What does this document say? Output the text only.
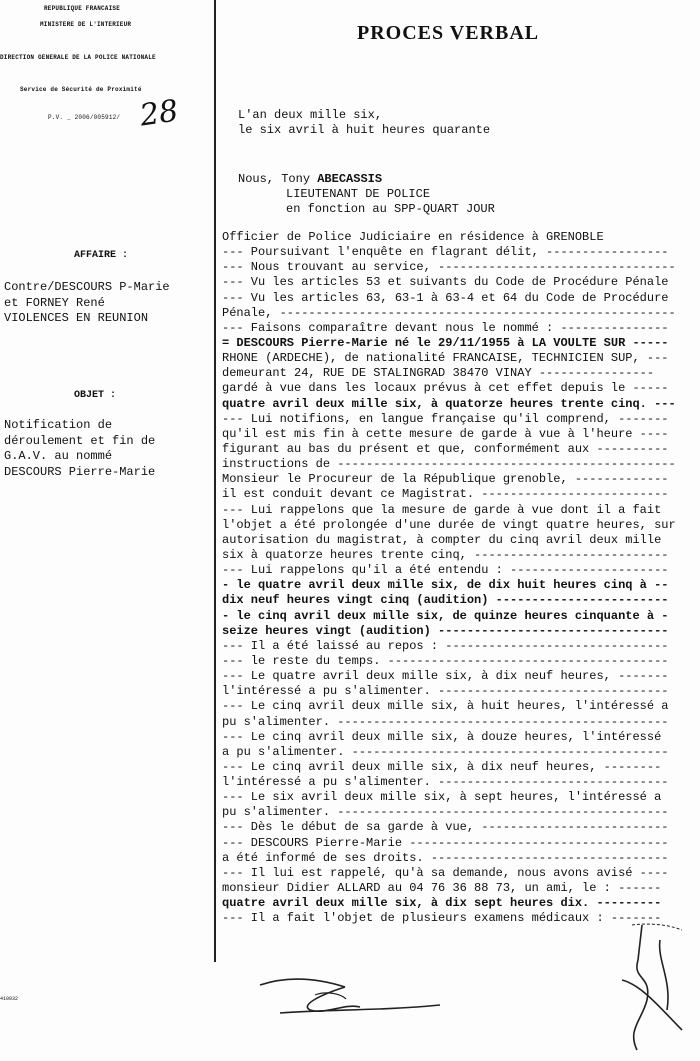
REPUBLIQUE FRANCAISE
MINISTERE DE L'INTERIEUR
DIRECTION GENERALE DE LA POLICE NATIONALE
Service de Sécurité de Proximité
P.V. _ 2006/005912/ 28
PROCES VERBAL
AFFAIRE :
Contre/DESCOURS P-Marie
et FORNEY René
VIOLENCES EN REUNION
OBJET :
Notification de
déroulement et fin de
G.A.V. au nommé
DESCOURS Pierre-Marie
L'an deux mille six,
le six avril à huit heures quarante
Nous, Tony ABECASSIS
LIEUTENANT DE POLICE
en fonction au SPP-QUART JOUR
Officier de Police Judiciaire en résidence à GRENOBLE
--- Poursuivant l'enquête en flagrant délit, -----------------
--- Nous trouvant au service, ---------------------------------
--- Vu les articles 53 et suivants du Code de Procédure Pénale
--- Vu les articles 63, 63-1 à 63-4 et 64 du Code de Procédure
Pénale, -------------------------------------------------------
--- Faisons comparaître devant nous le nommé : ---------------
= DESCOURS Pierre-Marie né le 29/11/1955 à LA VOULTE SUR -----
RHONE (ARDECHE), de nationalité FRANCAISE, TECHNICIEN SUP, ---
demeurant 24, RUE DE STALINGRAD 38470 VINAY ----------------
gardé à vue dans les locaux prévus à cet effet depuis le -----
quatre avril deux mille six, à quatorze heures trente cinq. ---
--- Lui notifions, en langue française qu'il comprend, -------
qu'il est mis fin à cette mesure de garde à vue à l'heure ----
figurant au bas du présent et que, conformément aux ----------
instructions de -----------------------------------------------
Monsieur le Procureur de la République grenoble, -------------
il est conduit devant ce Magistrat. --------------------------
--- Lui rappelons que la mesure de garde à vue dont il a fait
l'objet a été prolongée d'une durée de vingt quatre heures, sur
autorisation du magistrat, à compter du cinq avril deux mille
six à quatorze heures trente cinq, ---------------------------
--- Lui rappelons qu'il a été entendu : ----------------------
- le quatre avril deux mille six, de dix huit heures cinq à --
dix neuf heures vingt cinq (audition) ------------------------
- le cinq avril deux mille six, de quinze heures cinquante à -
seize heures vingt (audition) --------------------------------
--- Il a été laissé au repos : -------------------------------
--- le reste du temps. ---------------------------------------
--- Le quatre avril deux mille six, à dix neuf heures, -------
l'intéressé a pu s'alimenter. --------------------------------
--- Le cinq avril deux mille six, à huit heures, l'intéressé a
pu s'alimenter. ----------------------------------------------
--- Le cinq avril deux mille six, à douze heures, l'intéressé
a pu s'alimenter. --------------------------------------------
--- Le cinq avril deux mille six, à dix neuf heures, --------
l'intéressé a pu s'alimenter. --------------------------------
--- Le six avril deux mille six, à sept heures, l'intéressé a
pu s'alimenter. ----------------------------------------------
--- Dès le début de sa garde à vue, --------------------------
--- DESCOURS Pierre-Marie ------------------------------------
a été informé de ses droits. ---------------------------------
--- Il lui est rappelé, qu'à sa demande, nous avons avisé ----
monsieur Didier ALLARD au 04 76 36 88 73, un ami, le : ------
quatre avril deux mille six, à dix sept heures dix. ---------
--- Il a fait l'objet de plusieurs examens médicaux : -------
410032
